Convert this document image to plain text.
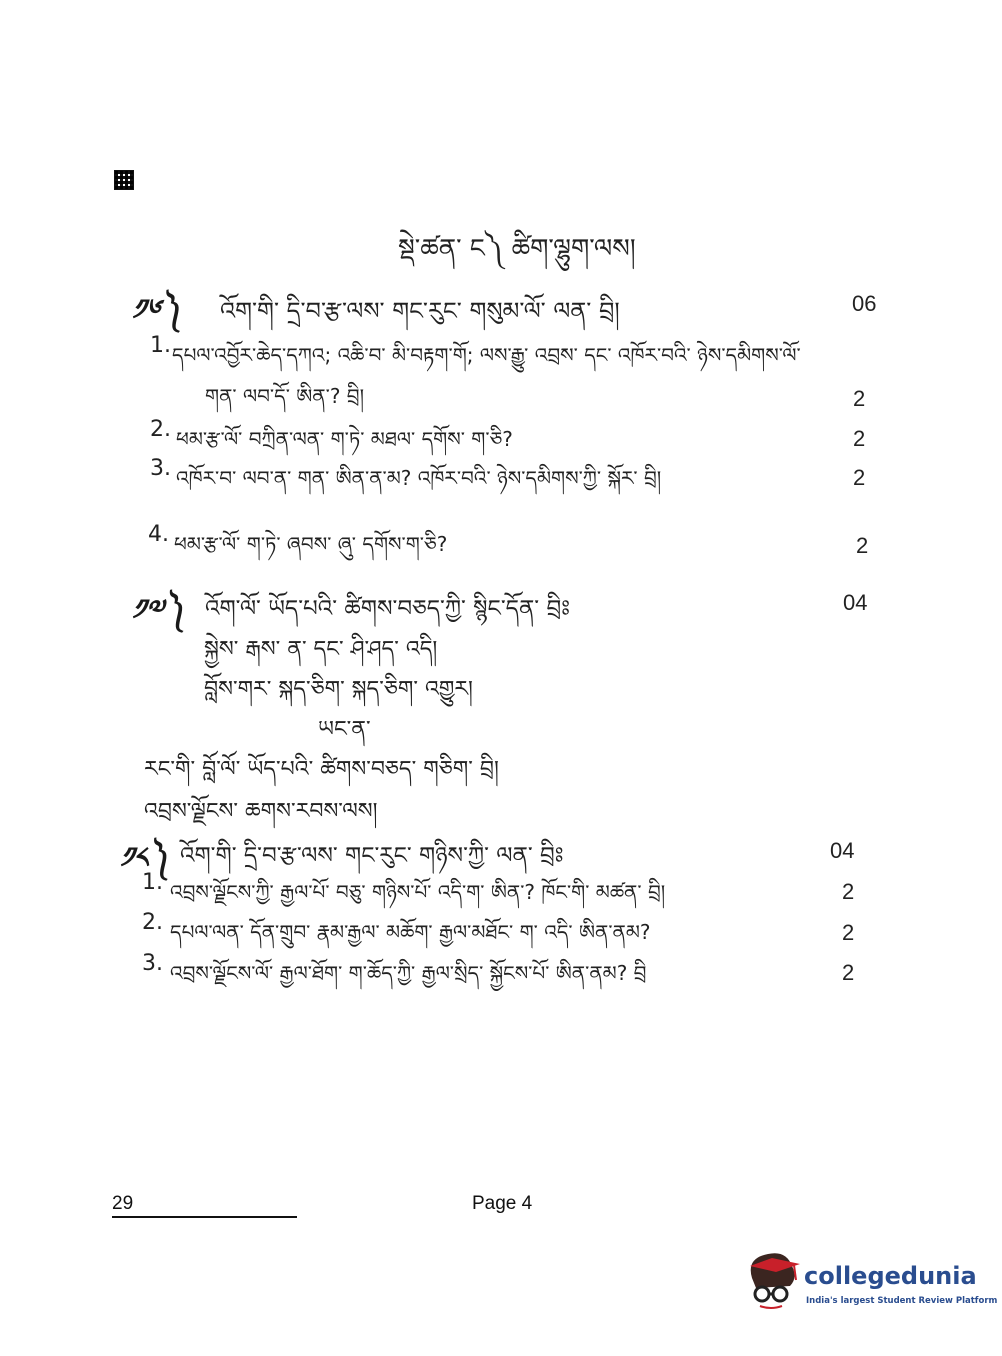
སྡེ་ཚན་ ང༽ ཚིག་ལྷུག་ལས།
༡༦༽ འོག་གི་ དྲི་བ་རྩ་ལས་ གང་རུང་ གསུམ་ལོ་ ལན་ བྲི།	06
1. དཔལ་འབྱོར་ཆེད་དཀའ; འཆི་བ་ མི་བརྟག་གོ; ལས་རྒྱུ་ འབྲས་ དང་ འཁོར་བའི་ ཉེས་དམིགས་ལོ་
གན་ ལབ་དོ་ ཨིན་? བྲི།	2
2. ཕམ་རྩ་ལོ་ བཀྲིན་ལན་ ག་ཏེ་ མཐལ་ དགོས་ ག་ཅི?	2
3. འཁོར་བ་ ལབ་ན་ གན་ ཨིན་ན་མ? འཁོར་བའི་ ཉེས་དམིགས་ཀྱི་ སྐོར་ བྲི།	2
4. ཕམ་རྩ་ལོ་ ག་ཏེ་ ཞབས་ ཞུ་ དགོས་ག་ཅི?	2
༡༧༽ འོག་ལོ་ ཡོད་པའི་ ཚིགས་བཅད་ཀྱི་ སྙིང་དོན་ བྲིཿ	04
སྐྱེས་ རྒས་ ན་ དང་ ཤི་ཤད་ འདི།
བློས་གར་ སྐད་ཅིག་ སྐད་ཅིག་ འགྱུར།
ཡང་ན་
རང་གི་ བློ་ལོ་ ཡོད་པའི་ ཚིགས་བཅད་ གཅིག་ བྲི།
འབྲས་ལྗོངས་ ཆགས་རབས་ལས།
༡༨༽ འོག་གི་ དྲི་བ་རྩ་ལས་ གང་རུང་ གཉིས་ཀྱི་ ལན་ བྲིཿ	04
1. འབྲས་ལྗོངས་ཀྱི་ རྒྱལ་པོ་ བཅུ་ གཉིས་པོ་ འདི་ག་ ཨིན་? ཁོང་གི་ མཚན་ བྲི།	2
2. དཔལ་ལན་ དོན་གྲུབ་ རྣམ་རྒྱལ་ མཆོག་ རྒྱལ་མཐོང་ ག་ འདི་ ཨིན་ནམ?	2
3. འབྲས་ལྗོངས་ལོ་ རྒྱལ་ཐོག་ ག་ཆོད་ཀྱི་ རྒྱལ་སྲིད་ སྐྱོངས་པོ་ ཨིན་ནམ? བྲི	2
29	Page 4
collegedunia
India's largest Student Review Platform
